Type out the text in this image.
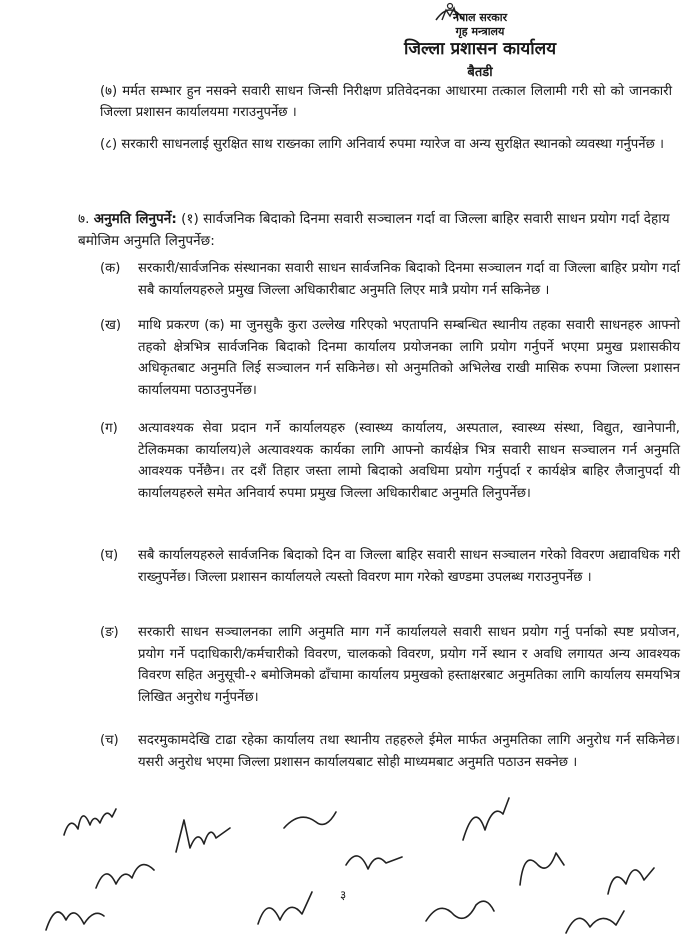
नेपाल सरकार
गृह मन्त्रालय
जिल्ला प्रशासन कार्यालय
बैतडी
(७) मर्मत सम्भार हुन नसक्ने सवारी साधन जिन्सी निरीक्षण प्रतिवेदनका आधारमा तत्काल लिलामी गरी सो को जानकारी जिल्ला प्रशासन कार्यालयमा गराउनुपर्नेछ ।
(८) सरकारी साधनलाई सुरक्षित साथ राख्नका लागि अनिवार्य रुपमा ग्यारेज वा अन्य सुरक्षित स्थानको व्यवस्था गर्नुपर्नेछ ।
७. अनुमति लिनुपर्ने: (१) सार्वजनिक बिदाको दिनमा सवारी सञ्चालन गर्दा वा जिल्ला बाहिर सवारी साधन प्रयोग गर्दा देहाय बमोजिम अनुमति लिनुपर्नेछ:
(क)	सरकारी/सार्वजनिक संस्थानका सवारी साधन सार्वजनिक बिदाको दिनमा सञ्चालन गर्दा वा जिल्ला बाहिर प्रयोग गर्दा सबै कार्यालयहरुले प्रमुख जिल्ला अधिकारीबाट अनुमति लिएर मात्रै प्रयोग गर्न सकिनेछ ।
(ख)	माथि प्रकरण (क) मा जुनसुकै कुरा उल्लेख गरिएको भएतापनि सम्बन्धित स्थानीय तहका सवारी साधनहरु आफ्नो तहको क्षेत्रभित्र सार्वजनिक बिदाको दिनमा कार्यालय प्रयोजनका लागि प्रयोग गर्नुपर्ने भएमा प्रमुख प्रशासकीय अधिकृतबाट अनुमति लिई सञ्चालन गर्न सकिनेछ। सो अनुमतिको अभिलेख राखी मासिक रुपमा जिल्ला प्रशासन कार्यालयमा पठाउनुपर्नेछ।
(ग)	अत्यावश्यक सेवा प्रदान गर्ने कार्यालयहरु (स्वास्थ्य कार्यालय, अस्पताल, स्वास्थ्य संस्था, विद्युत, खानेपानी, टेलिकमका कार्यालय)ले अत्यावश्यक कार्यका लागि आफ्नो कार्यक्षेत्र भित्र सवारी साधन सञ्चालन गर्न अनुमति आवश्यक पर्नेछैन। तर दशैं तिहार जस्ता लामो बिदाको अवधिमा प्रयोग गर्नुपर्दा र कार्यक्षेत्र बाहिर लैजानुपर्दा यी कार्यालयहरुले समेत अनिवार्य रुपमा प्रमुख जिल्ला अधिकारीबाट अनुमति लिनुपर्नेछ।
(घ)	सबै कार्यालयहरुले सार्वजनिक बिदाको दिन वा जिल्ला बाहिर सवारी साधन सञ्चालन गरेको विवरण अद्यावधिक गरी राख्नुपर्नेछ। जिल्ला प्रशासन कार्यालयले त्यस्तो विवरण माग गरेको खण्डमा उपलब्ध गराउनुपर्नेछ ।
(ङ)	सरकारी साधन सञ्चालनका लागि अनुमति माग गर्ने कार्यालयले सवारी साधन प्रयोग गर्नु पर्नाको स्पष्ट प्रयोजन, प्रयोग गर्ने पदाधिकारी/कर्मचारीको विवरण, चालकको विवरण, प्रयोग गर्ने स्थान र अवधि लगायत अन्य आवश्यक विवरण सहित अनुसूची-२ बमोजिमको ढाँचामा कार्यालय प्रमुखको हस्ताक्षरबाट अनुमतिका लागि कार्यालय समयभित्र लिखित अनुरोध गर्नुपर्नेछ।
(च)	सदरमुकामदेखि टाढा रहेका कार्यालय तथा स्थानीय तहहरुले ईमेल मार्फत अनुमतिका लागि अनुरोध गर्न सकिनेछ। यसरी अनुरोध भएमा जिल्ला प्रशासन कार्यालयबाट सोही माध्यमबाट अनुमति पठाउन सक्नेछ ।
३
